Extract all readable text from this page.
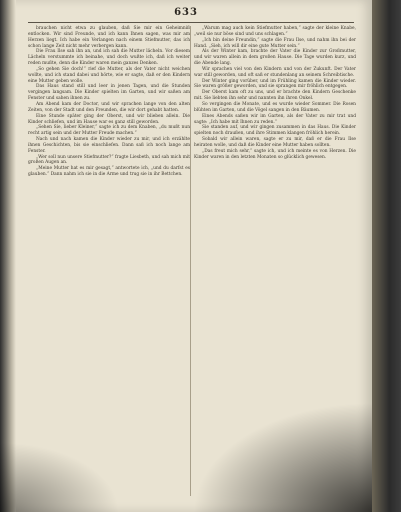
633

brauchen nicht etwa zu glauben, daß Sie mir ein Geheimniß entlocken. Wir sind Freunde, und ich kann Ihnen sagen, was mir am Herzen liegt. Ich habe ein Verlangen nach einem Stiefmutter, das ich schon lange Zeit nicht mehr verbergen kann.

Die Frau Ilse sah ihn an, und ich sah die Mutter lächeln. Vor diesem Lächeln verstummte ich beinahe, und doch wußte ich, daß ich weiter reden mußte, denn die Kinder waren mein ganzes Denken.

„So gehen Sie doch!“ rief die Mutter, als der Vater nicht weichen wollte, und ich stand dabei und hörte, wie er sagte, daß er den Kindern eine Mutter geben wolle.

Das Haus stand still und leer in jenen Tagen, und die Stunden vergingen langsam. Die Kinder spielten im Garten, und wir saßen am Fenster und sahen ihnen zu.

Am Abend kam der Doctor, und wir sprachen lange von den alten Zeiten, von der Stadt und den Freunden, die wir dort gehabt hatten.

Eine Stunde später ging der Oberst, und wir blieben allein. Die Kinder schliefen, und im Hause war es ganz still geworden.

„Sehen Sie, lieber Kleiner,“ sagte ich zu dem Knaben, „du mußt nun recht artig sein und der Mutter Freude machen.“

Nach und nach kamen die Kinder wieder zu mir, und ich erzählte ihnen Geschichten, bis sie einschliefen. Dann saß ich noch lange am Fenster.

„Wer soll nun unsere Stiefmutter?“ fragte Liesbeth, und sah mich mit großen Augen an.

„Meine Mutter hat es mir gesagt,“ antwortete ich, „und du darfst es glauben.“ Dann nahm ich sie in die Arme und trug sie in ihr Bettchen.

„Warum mag auch kein Stiefmutter haben,“ sagte der kleine Knabe, „weil sie nur böse sind und uns schlagen.“

„Ich bin deine Freundin,“ sagte die Frau Ilse, und nahm ihn bei der Hand. „Sieh, ich will dir eine gute Mutter sein.“

Als der Winter kam, brachte der Vater die Kinder zur Großmutter, und wir waren allein in dem großen Hause. Die Tage wurden kurz, und die Abende lang.

Wir sprachen viel von den Kindern und von der Zukunft. Der Vater war still geworden, und oft saß er stundenlang an seinem Schreibtische.

Der Winter ging vorüber, und im Frühling kamen die Kinder wieder. Sie waren größer geworden, und sie sprangen mir fröhlich entgegen.

Der Oberst kam oft zu uns, und er brachte den Kindern Geschenke mit. Sie liebten ihn sehr und nannten ihn ihren Onkel.

So vergingen die Monate, und es wurde wieder Sommer. Die Rosen blühten im Garten, und die Vögel sangen in den Bäumen.

Eines Abends saßen wir im Garten, als der Vater zu mir trat und sagte: „Ich habe mit Ihnen zu reden.“

Sie standen auf, und wir gingen zusammen in das Haus. Die Kinder spielten noch draußen, und ihre Stimmen klangen fröhlich herein.

Sobald wir allein waren, sagte er zu mir, daß er die Frau Ilse heiraten wolle, und daß die Kinder eine Mutter haben sollten.

„Das freut mich sehr,“ sagte ich, und ich meinte es von Herzen. Die Kinder waren in den letzten Monaten so glücklich gewesen.
